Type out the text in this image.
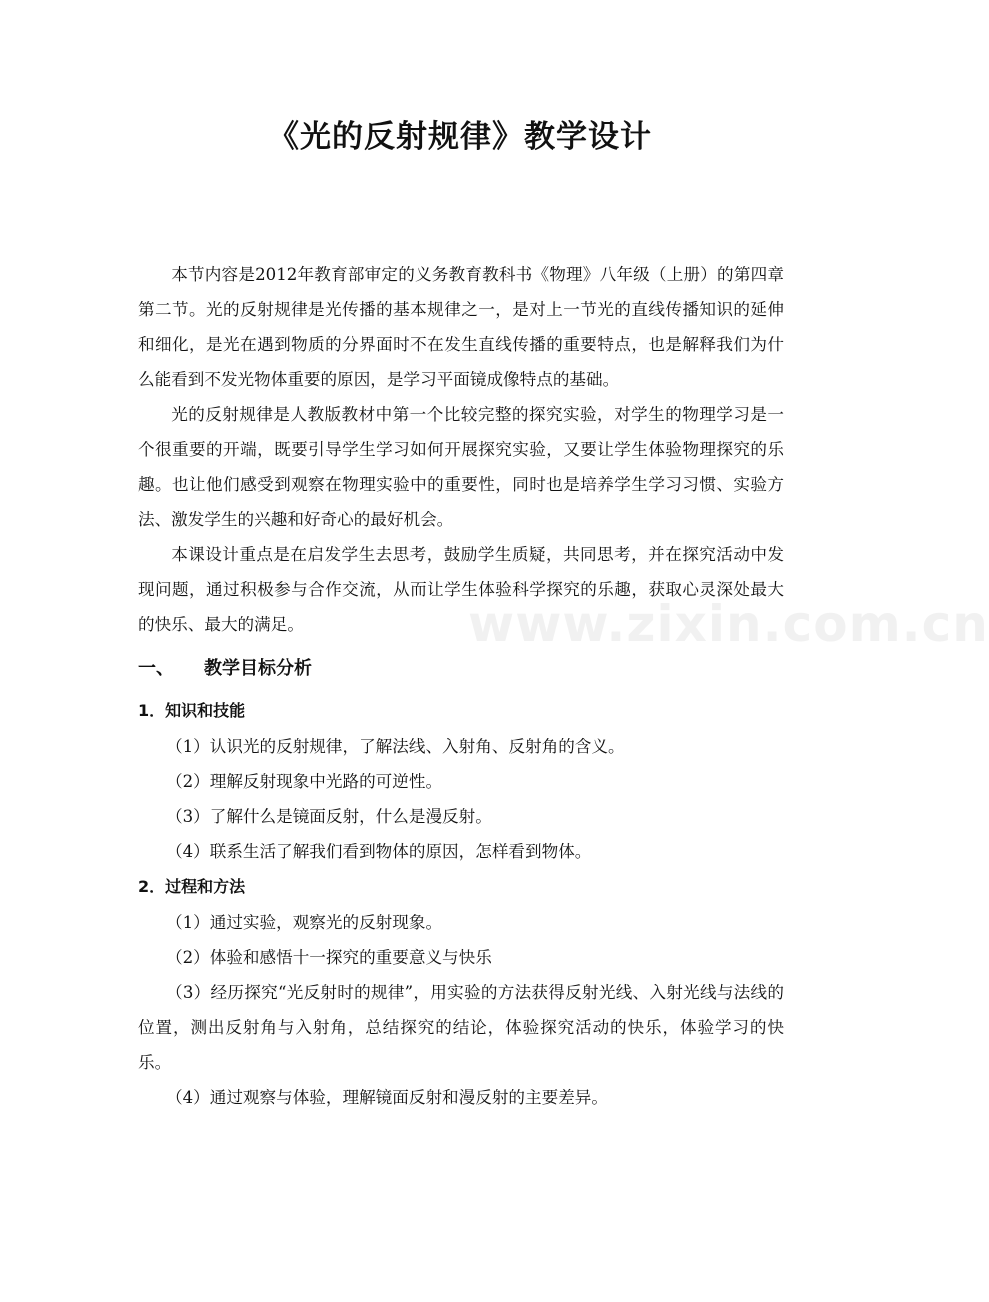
《光的反射规律》教学设计

本节内容是2012年教育部审定的义务教育教科书《物理》八年级（上册）的第四章第二节。光的反射规律是光传播的基本规律之一，是对上一节光的直线传播知识的延伸和细化，是光在遇到物质的分界面时不在发生直线传播的重要特点，也是解释我们为什么能看到不发光物体重要的原因，是学习平面镜成像特点的基础。

光的反射规律是人教版教材中第一个比较完整的探究实验，对学生的物理学习是一个很重要的开端，既要引导学生学习如何开展探究实验，又要让学生体验物理探究的乐趣。也让他们感受到观察在物理实验中的重要性，同时也是培养学生学习习惯、实验方法、激发学生的兴趣和好奇心的最好机会。

本课设计重点是在启发学生去思考，鼓励学生质疑，共同思考，并在探究活动中发现问题，通过积极参与合作交流，从而让学生体验科学探究的乐趣，获取心灵深处最大的快乐、最大的满足。

一、 教学目标分析
1．知识和技能

（1）认识光的反射规律，了解法线、入射角、反射角的含义。

（2）理解反射现象中光路的可逆性。

（3）了解什么是镜面反射，什么是漫反射。

（4）联系生活了解我们看到物体的原因，怎样看到物体。

2．过程和方法

（1）通过实验，观察光的反射现象。

（2）体验和感悟十一探究的重要意义与快乐

（3）经历探究“光反射时的规律”，用实验的方法获得反射光线、入射光线与法线的位置，测出反射角与入射角，总结探究的结论，体验探究活动的快乐，体验学习的快乐。

（4）通过观察与体验，理解镜面反射和漫反射的主要差异。

www.zixin.com.cn
